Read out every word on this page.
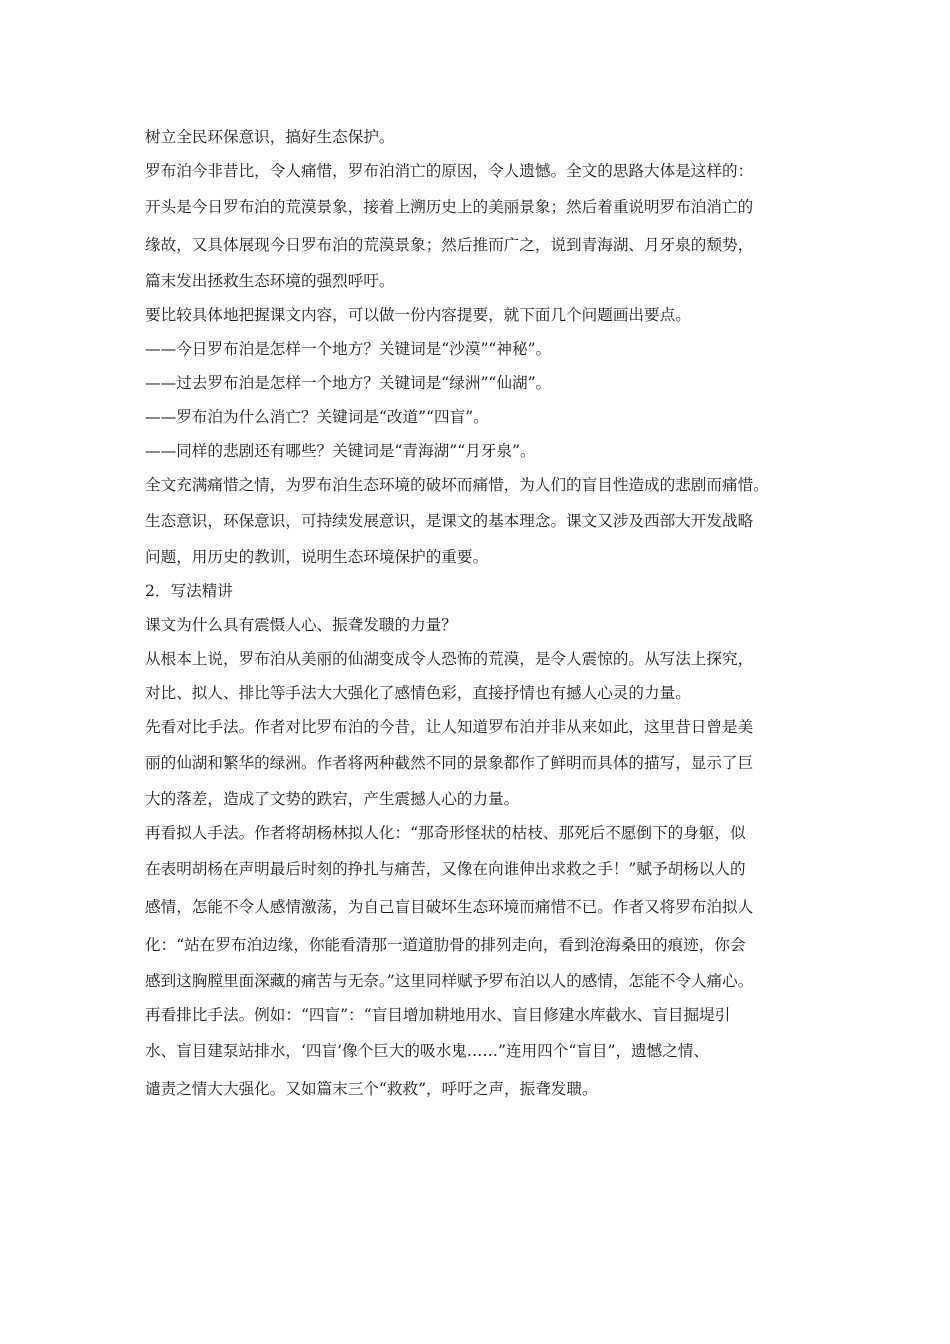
树立全民环保意识，搞好生态保护。
罗布泊今非昔比，令人痛惜，罗布泊消亡的原因，令人遗憾。全文的思路大体是这样的：
开头是今日罗布泊的荒漠景象，接着上溯历史上的美丽景象；然后着重说明罗布泊消亡的
缘故，又具体展现今日罗布泊的荒漠景象；然后推而广之，说到青海湖、月牙泉的颓势，
篇末发出拯救生态环境的强烈呼吁。
要比较具体地把握课文内容，可以做一份内容提要，就下面几个问题画出要点。
——今日罗布泊是怎样一个地方？关键词是“沙漠”“神秘”。
——过去罗布泊是怎样一个地方？关键词是“绿洲”“仙湖”。
——罗布泊为什么消亡？关键词是“改道”“四盲”。
——同样的悲剧还有哪些？关键词是“青海湖”“月牙泉”。
全文充满痛惜之情，为罗布泊生态环境的破坏而痛惜，为人们的盲目性造成的悲剧而痛惜。
生态意识，环保意识，可持续发展意识，是课文的基本理念。课文又涉及西部大开发战略
问题，用历史的教训，说明生态环境保护的重要。
2．写法精讲
课文为什么具有震慑人心、振聋发聩的力量？
从根本上说，罗布泊从美丽的仙湖变成令人恐怖的荒漠，是令人震惊的。从写法上探究，
对比、拟人、排比等手法大大强化了感情色彩，直接抒情也有撼人心灵的力量。
先看对比手法。作者对比罗布泊的今昔，让人知道罗布泊并非从来如此，这里昔日曾是美
丽的仙湖和繁华的绿洲。作者将两种截然不同的景象都作了鲜明而具体的描写，显示了巨
大的落差，造成了文势的跌宕，产生震撼人心的力量。
再看拟人手法。作者将胡杨林拟人化：“那奇形怪状的枯枝、那死后不愿倒下的身躯，似
在表明胡杨在声明最后时刻的挣扎与痛苦，又像在向谁伸出求救之手！”赋予胡杨以人的
感情，怎能不令人感情激荡，为自己盲目破坏生态环境而痛惜不已。作者又将罗布泊拟人
化：“站在罗布泊边缘，你能看清那一道道肋骨的排列走向，看到沧海桑田的痕迹，你会
感到这胸膛里面深藏的痛苦与无奈。”这里同样赋予罗布泊以人的感情，怎能不令人痛心。
再看排比手法。例如：“四盲”：“盲目增加耕地用水、盲目修建水库截水、盲目掘堤引
水、盲目建泵站排水，‘四盲’像个巨大的吸水鬼……”连用四个“盲目”，遗憾之情、
谴责之情大大强化。又如篇末三个“救救”，呼吁之声，振聋发聩。
